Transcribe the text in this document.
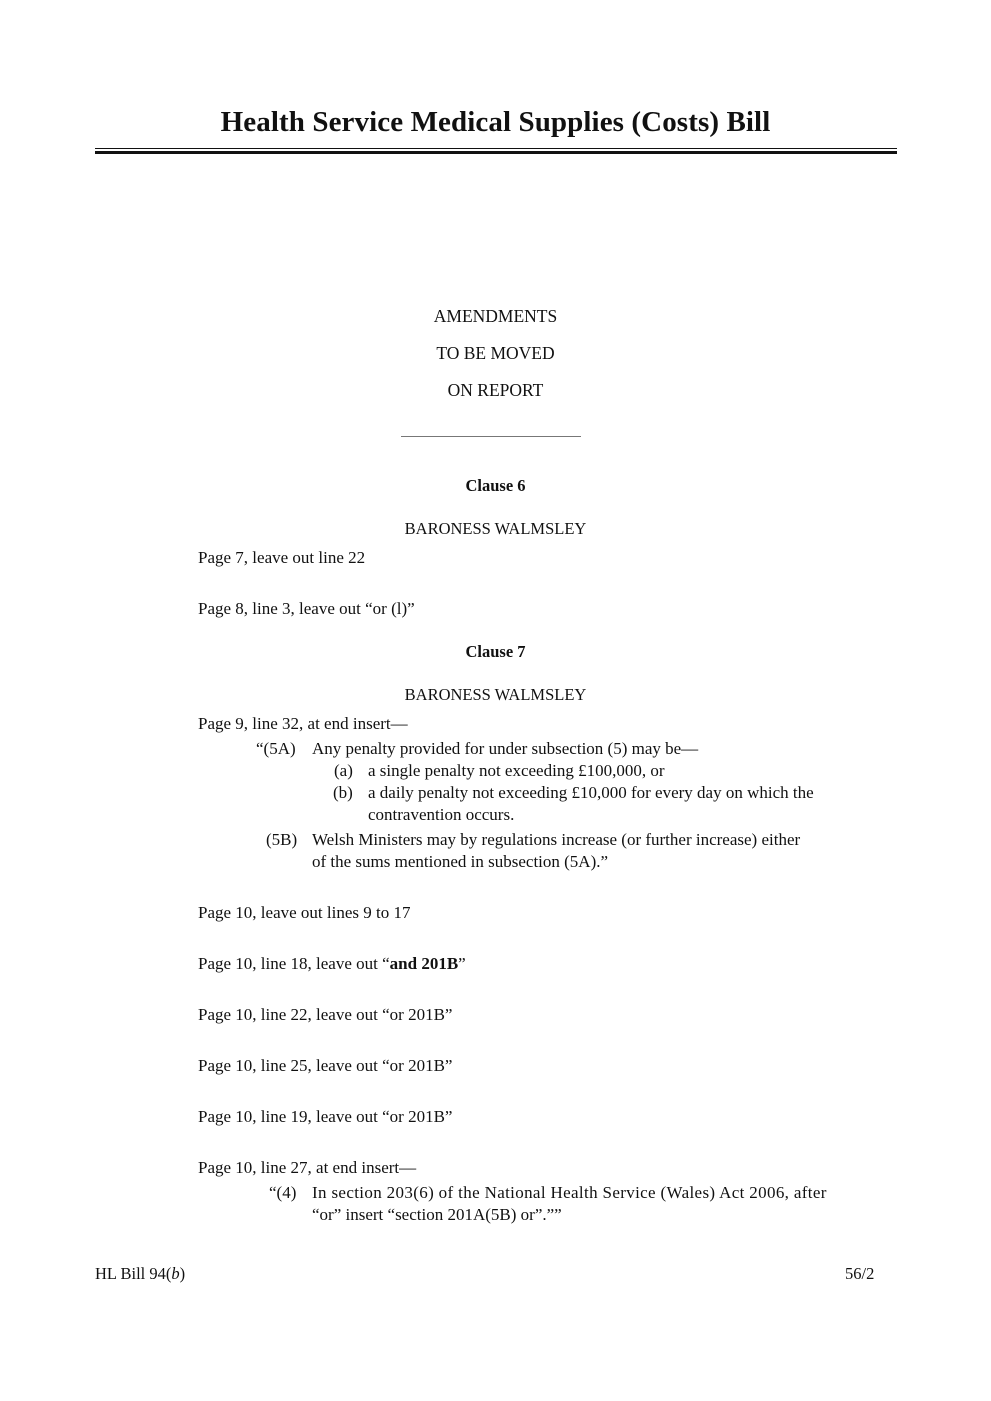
Health Service Medical Supplies (Costs) Bill
AMENDMENTS
TO BE MOVED
ON REPORT
Clause 6
BARONESS WALMSLEY
Page 7, leave out line 22
Page 8, line 3, leave out “or (l)”
Clause 7
BARONESS WALMSLEY
Page 9, line 32, at end insert—
“(5A) Any penalty provided for under subsection (5) may be—
(a) a single penalty not exceeding £100,000, or
(b) a daily penalty not exceeding £10,000 for every day on which the
contravention occurs.
(5B) Welsh Ministers may by regulations increase (or further increase) either
of the sums mentioned in subsection (5A).”
Page 10, leave out lines 9 to 17
Page 10, line 18, leave out “and 201B”
Page 10, line 22, leave out “or 201B”
Page 10, line 25, leave out “or 201B”
Page 10, line 19, leave out “or 201B”
Page 10, line 27, at end insert—
“(4) In section 203(6) of the National Health Service (Wales) Act 2006, after
“or” insert “section 201A(5B) or”.””
HL Bill 94(b)	56/2
